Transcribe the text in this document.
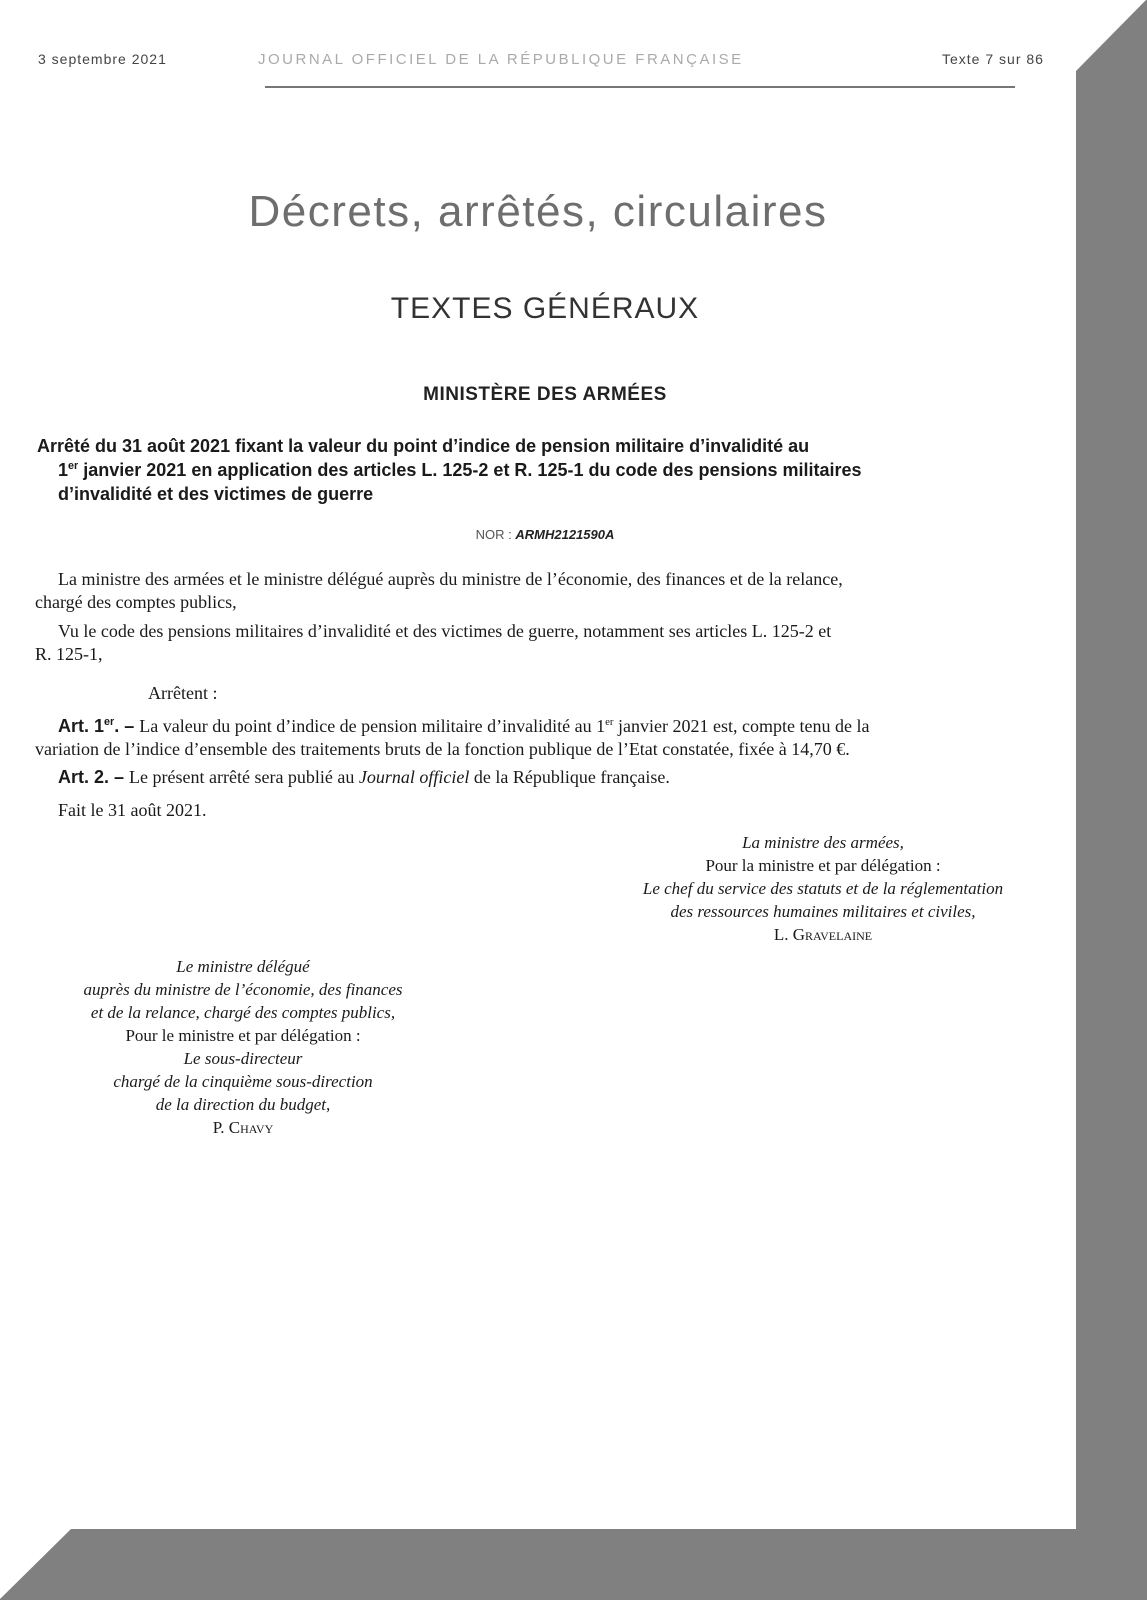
3 septembre 2021	JOURNAL OFFICIEL DE LA RÉPUBLIQUE FRANÇAISE	Texte 7 sur 86
Décrets, arrêtés, circulaires
TEXTES GÉNÉRAUX
MINISTÈRE DES ARMÉES
Arrêté du 31 août 2021 fixant la valeur du point d’indice de pension militaire d’invalidité au
1er janvier 2021 en application des articles L. 125-2 et R. 125-1 du code des pensions militaires
d’invalidité et des victimes de guerre
NOR : ARMH2121590A
La ministre des armées et le ministre délégué auprès du ministre de l’économie, des finances et de la relance,
chargé des comptes publics,
Vu le code des pensions militaires d’invalidité et des victimes de guerre, notamment ses articles L. 125-2 et
R. 125-1,
Arrêtent :
Art. 1er. – La valeur du point d’indice de pension militaire d’invalidité au 1er janvier 2021 est, compte tenu de la
variation de l’indice d’ensemble des traitements bruts de la fonction publique de l’Etat constatée, fixée à 14,70 €.
Art. 2. – Le présent arrêté sera publié au Journal officiel de la République française.
Fait le 31 août 2021.
La ministre des armées,
Pour la ministre et par délégation :
Le chef du service des statuts et de la réglementation
des ressources humaines militaires et civiles,
L. Gravelaine
Le ministre délégué
auprès du ministre de l’économie, des finances
et de la relance, chargé des comptes publics,
Pour le ministre et par délégation :
Le sous-directeur
chargé de la cinquième sous-direction
de la direction du budget,
P. Chavy
